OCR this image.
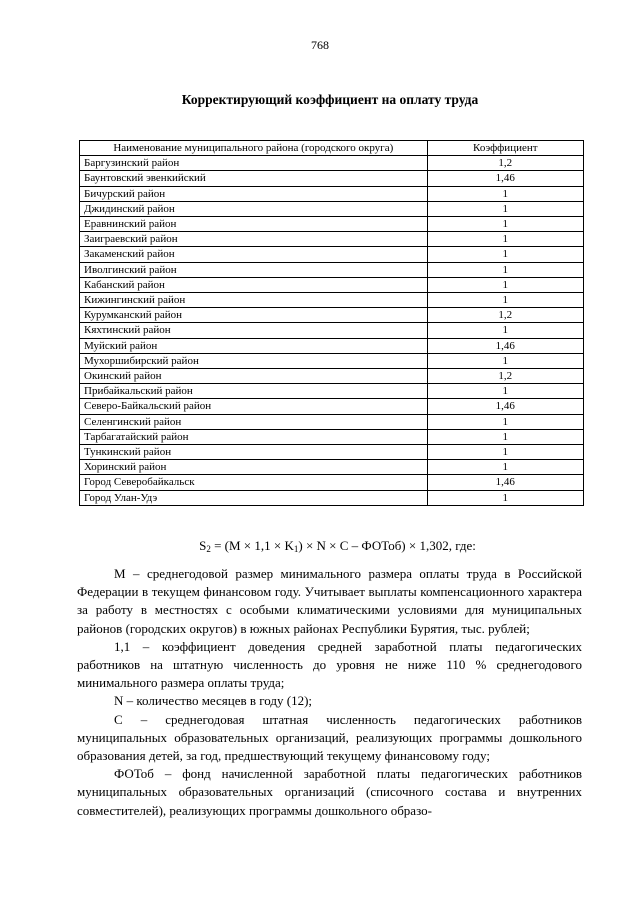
768
Корректирующий коэффициент на оплату труда
Наименование муниципального района (городского округа)	Коэффициент
Баргузинский район	1,2
Баунтовский эвенкийский	1,46
Бичурский район	1
Джидинский район	1
Еравнинский район	1
Заиграевский район	1
Закаменский район	1
Иволгинский район	1
Кабанский район	1
Кижингинский район	1
Курумканский район	1,2
Кяхтинский район	1
Муйский район	1,46
Мухоршибирский район	1
Окинский район	1,2
Прибайкальский район	1
Северо-Байкальский район	1,46
Селенгинский район	1
Тарбагатайский район	1
Тункинский район	1
Хоринский район	1
Город Северобайкальск	1,46
Город Улан-Удэ	1
$S_2 = (M \times 1,1 \times K_1) \times N \times C$ – ФОТоб) × 1,302, где:

М – среднегодовой размер минимального размера оплаты труда в Российской Федерации в текущем финансовом году. Учитывает выплаты компенсационного характера за работу в местностях с особыми климатическими условиями для муниципальных районов (городских округов) в южных районах Республики Бурятия, тыс. рублей;

1,1 – коэффициент доведения средней заработной платы педагогических работников на штатную численность до уровня не ниже 110 % среднегодового минимального размера оплаты труда;

N – количество месяцев в году (12);

С – среднегодовая штатная численность педагогических работников муниципальных образовательных организаций, реализующих программы дошкольного образования детей, за год, предшествующий текущему финансовому году;

ФОТоб – фонд начисленной заработной платы педагогических работников муниципальных образовательных организаций (списочного состава и внутренних совместителей), реализующих программы дошкольного образо-
